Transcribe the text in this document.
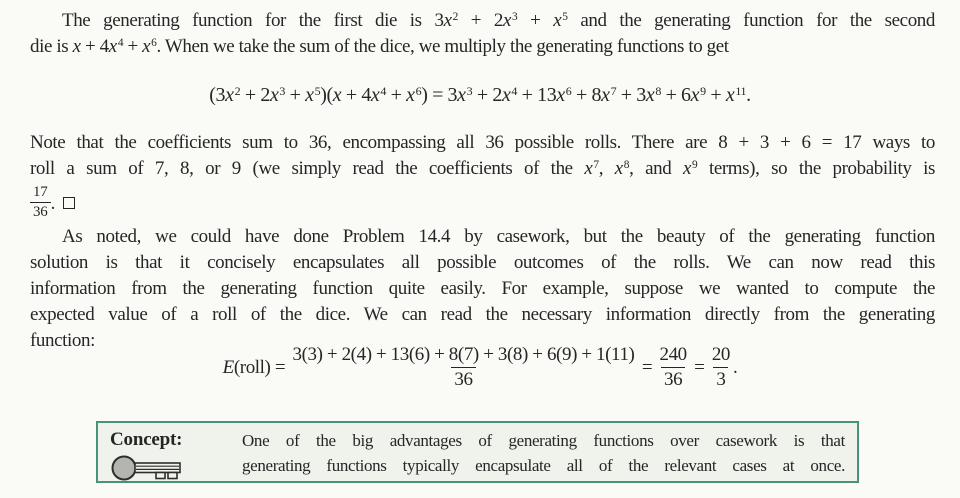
The generating function for the first die is $3x^2 + 2x^3 + x^5$ and the generating function for the second
die is $x + 4x^4 + x^6$. When we take the sum of the dice, we multiply the generating functions to get
$(3x^2 + 2x^3 + x^5)(x + 4x^4 + x^6) = 3x^3 + 2x^4 + 13x^6 + 8x^7 + 3x^8 + 6x^9 + x^{11}$.
Note that the coefficients sum to 36, encompassing all 36 possible rolls. There are 8 + 3 + 6 = 17 ways to
roll a sum of 7, 8, or 9 (we simply read the coefficients of the $x^7$, $x^8$, and $x^9$ terms), so the probability is
$\frac{17}{36}$ .
As noted, we could have done Problem 14.4 by casework, but the beauty of the generating function
solution is that it concisely encapsulates all possible outcomes of the rolls. We can now read this
information from the generating function quite easily. For example, suppose we wanted to compute the
expected value of a roll of the dice. We can read the necessary information directly from the generating
function:
E (roll) = $\frac{3(3) + 2(4) + 13(6) + 8(7) + 3(8) + 6(9) + 1(11)}{36} = \frac{240}{36} = \frac{20}{3}$ .
Concept:	One of the big advantages of generating functions over casework is that
generating functions typically encapsulate all of the relevant cases at once.
